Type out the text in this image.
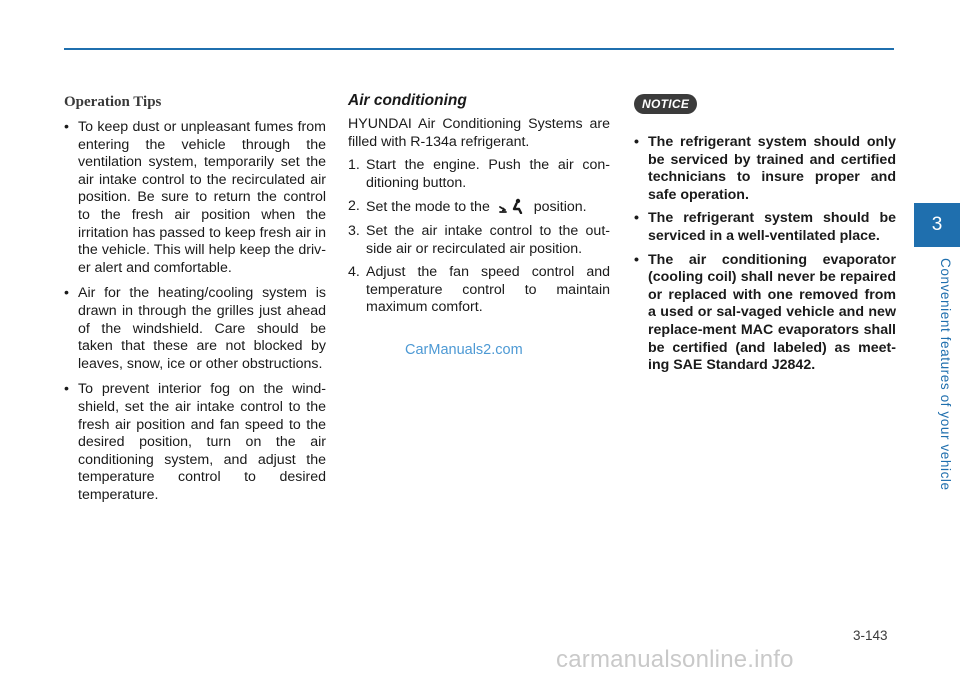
Operation Tips
• To keep dust or unpleasant fumes from entering the vehicle through the ventilation system, temporarily set the air intake control to the recirculated air position. Be sure to return the control to the fresh air position when the irritation has passed to keep fresh air in the vehicle. This will help keep the driv-er alert and comfortable.
• Air for the heating/cooling system is drawn in through the grilles just ahead of the windshield. Care should be taken that these are not blocked by leaves, snow, ice or other obstructions.
• To prevent interior fog on the wind-shield, set the air intake control to the fresh air position and fan speed to the desired position, turn on the air conditioning system, and adjust the temperature control to desired temperature.
Air conditioning

HYUNDAI Air Conditioning Systems are filled with R-134a refrigerant.

1. Start the engine. Push the air con-ditioning button.
2. Set the mode to the	position.
3. Set the air intake control to the out-side air or recirculated air position.
4. Adjust the fan speed control and temperature control to maintain maximum comfort.
NOTICE
• The refrigerant system should only be serviced by trained and certified technicians to insure proper and safe operation.
• The refrigerant system should be serviced in a well-ventilated place.
• The air conditioning evaporator (cooling coil) shall never be repaired or replaced with one removed from a used or sal-vaged vehicle and new replace-ment MAC evaporators shall be certified (and labeled) as meet-ing SAE Standard J2842.
CarManuals2.com
3
Convenient features of your vehicle
3-143
carmanualsonline.info
